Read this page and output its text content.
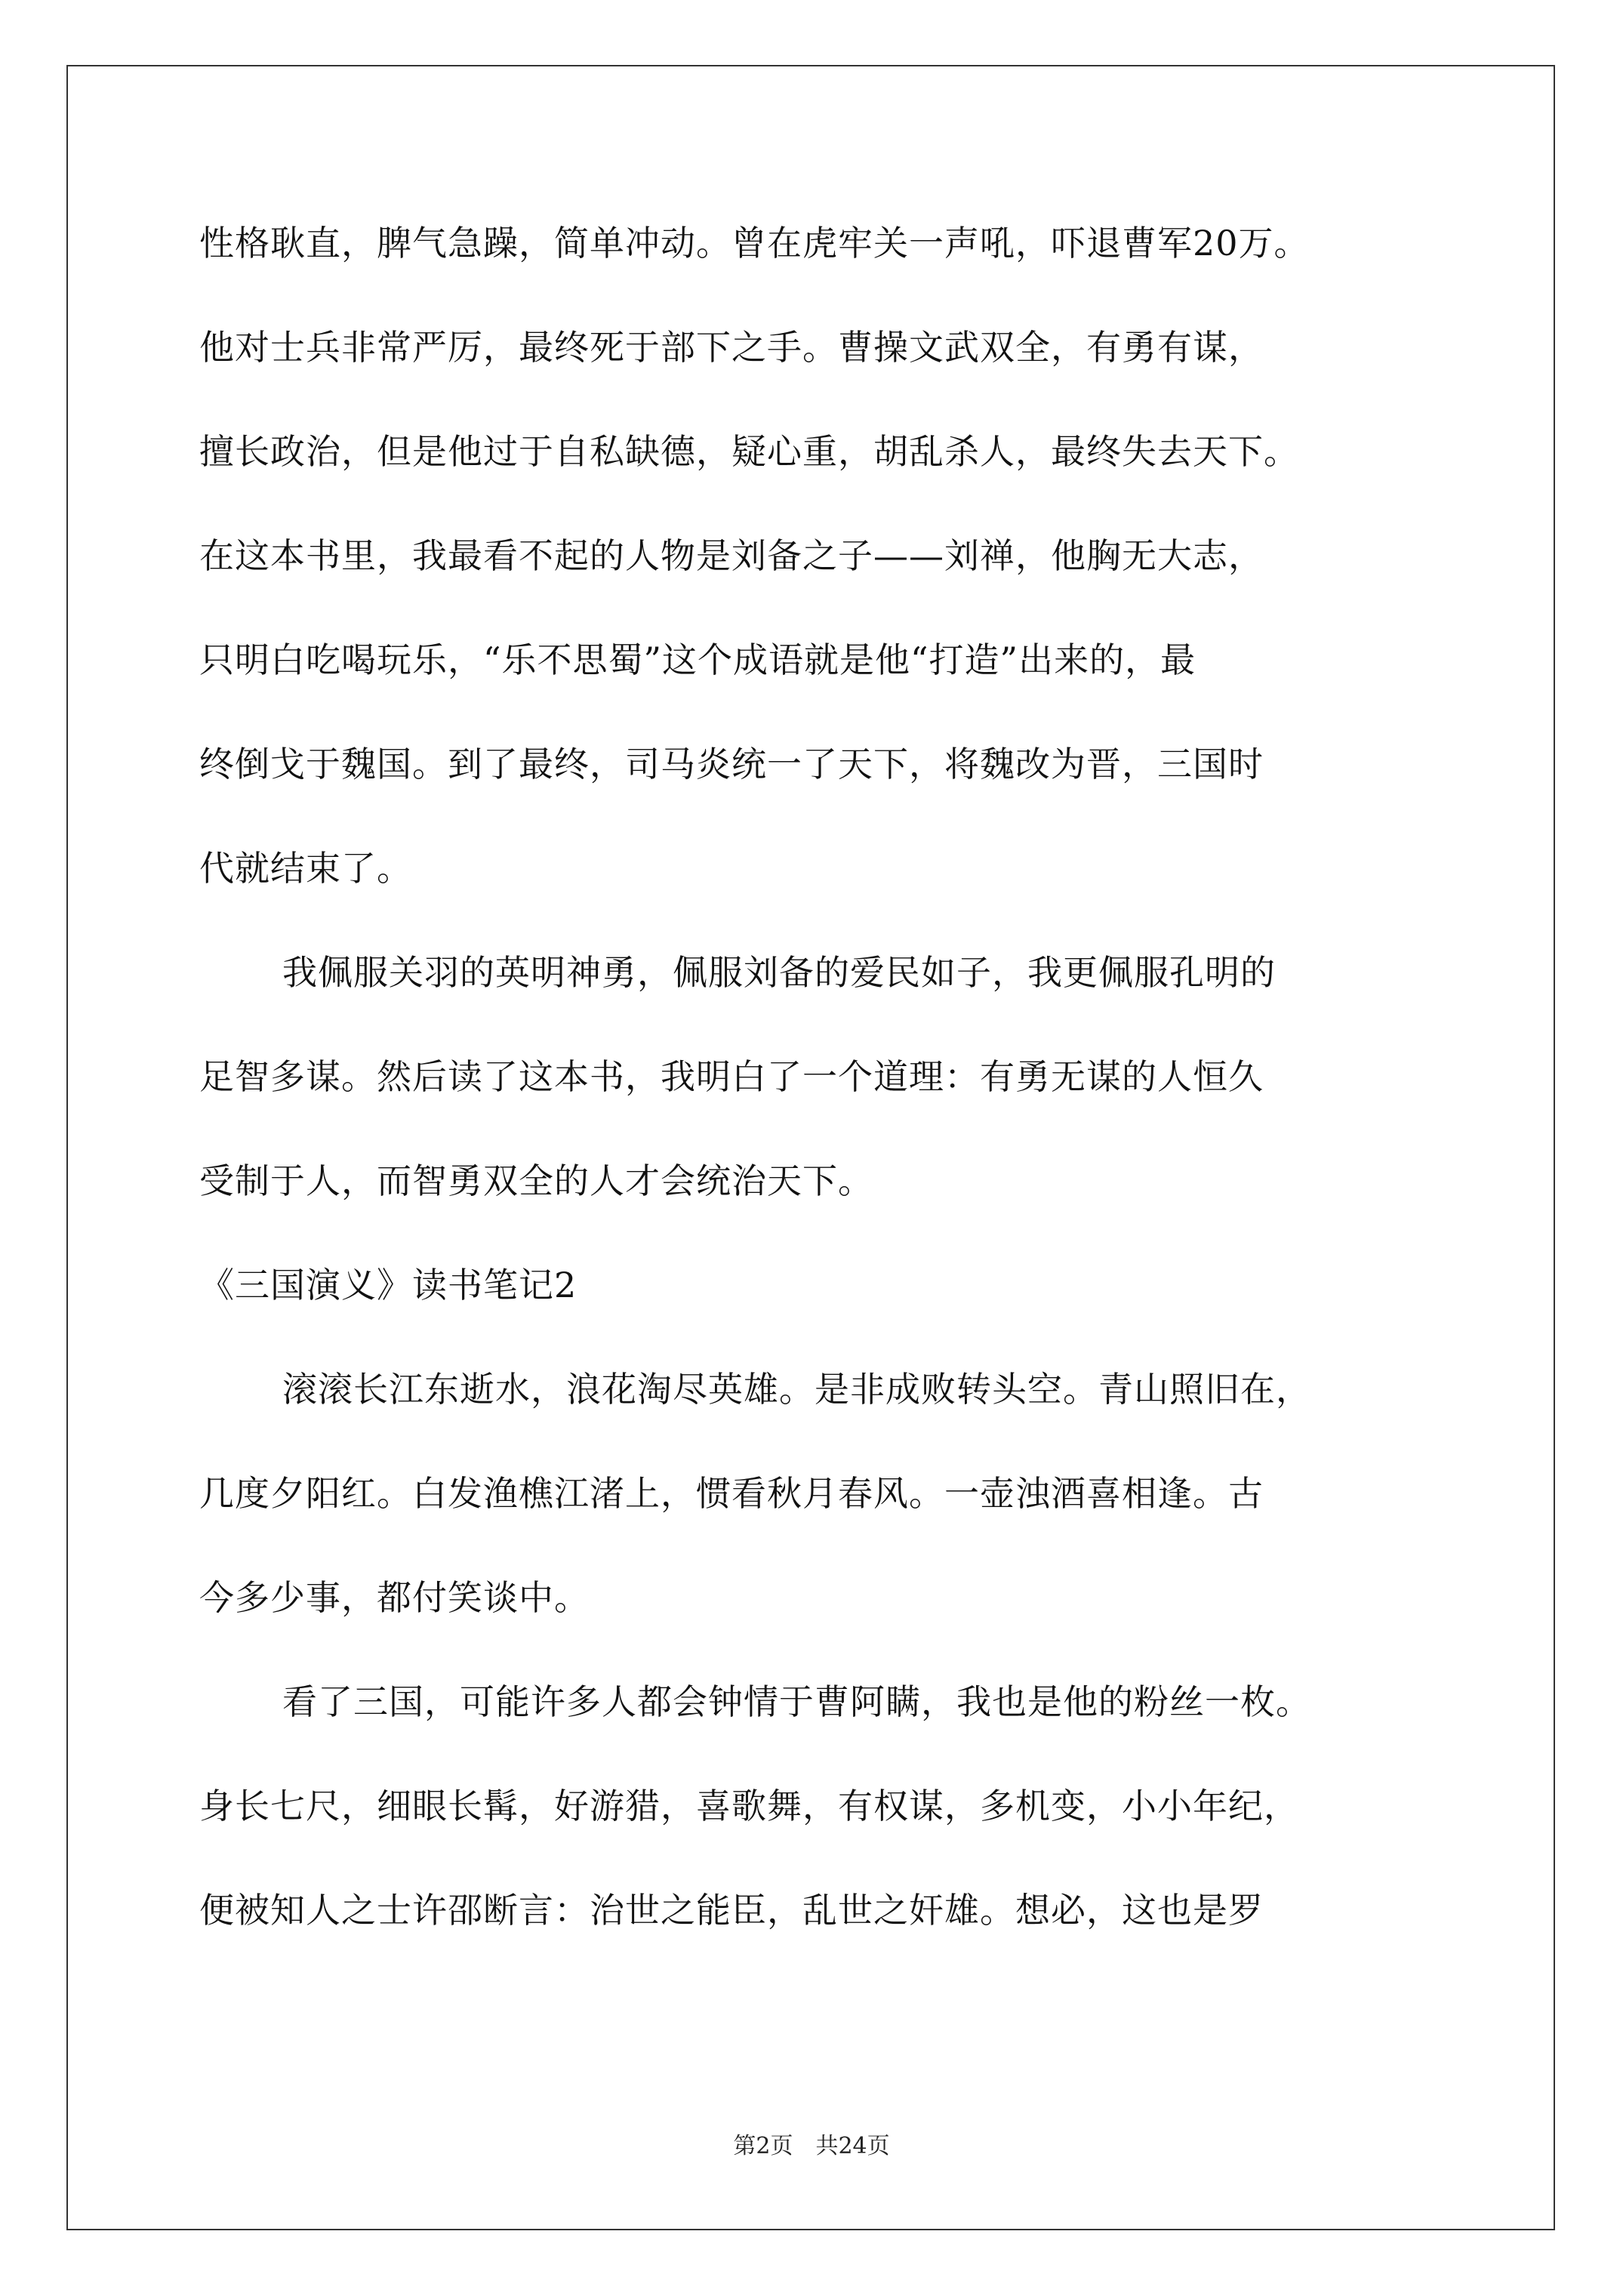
性格耿直，脾气急躁，简单冲动。曾在虎牢关一声吼，吓退曹军20万。
他对士兵非常严厉，最终死于部下之手。曹操文武双全，有勇有谋，
擅长政治，但是他过于自私缺德，疑心重，胡乱杀人，最终失去天下。
在这本书里，我最看不起的人物是刘备之子——刘禅，他胸无大志，
只明白吃喝玩乐，“乐不思蜀”这个成语就是他“打造”出来的，最
终倒戈于魏国。到了最终，司马炎统一了天下，将魏改为晋，三国时
代就结束了。
我佩服关羽的英明神勇，佩服刘备的爱民如子，我更佩服孔明的
足智多谋。然后读了这本书，我明白了一个道理：有勇无谋的人恒久
受制于人，而智勇双全的人才会统治天下。
《三国演义》读书笔记2
滚滚长江东逝水，浪花淘尽英雄。是非成败转头空。青山照旧在，
几度夕阳红。白发渔樵江渚上，惯看秋月春风。一壶浊酒喜相逢。古
今多少事，都付笑谈中。
看了三国，可能许多人都会钟情于曹阿瞒，我也是他的粉丝一枚。
身长七尺，细眼长髯，好游猎，喜歌舞，有权谋，多机变，小小年纪，
便被知人之士许邵断言：治世之能臣，乱世之奸雄。想必，这也是罗
第2页　共24页
